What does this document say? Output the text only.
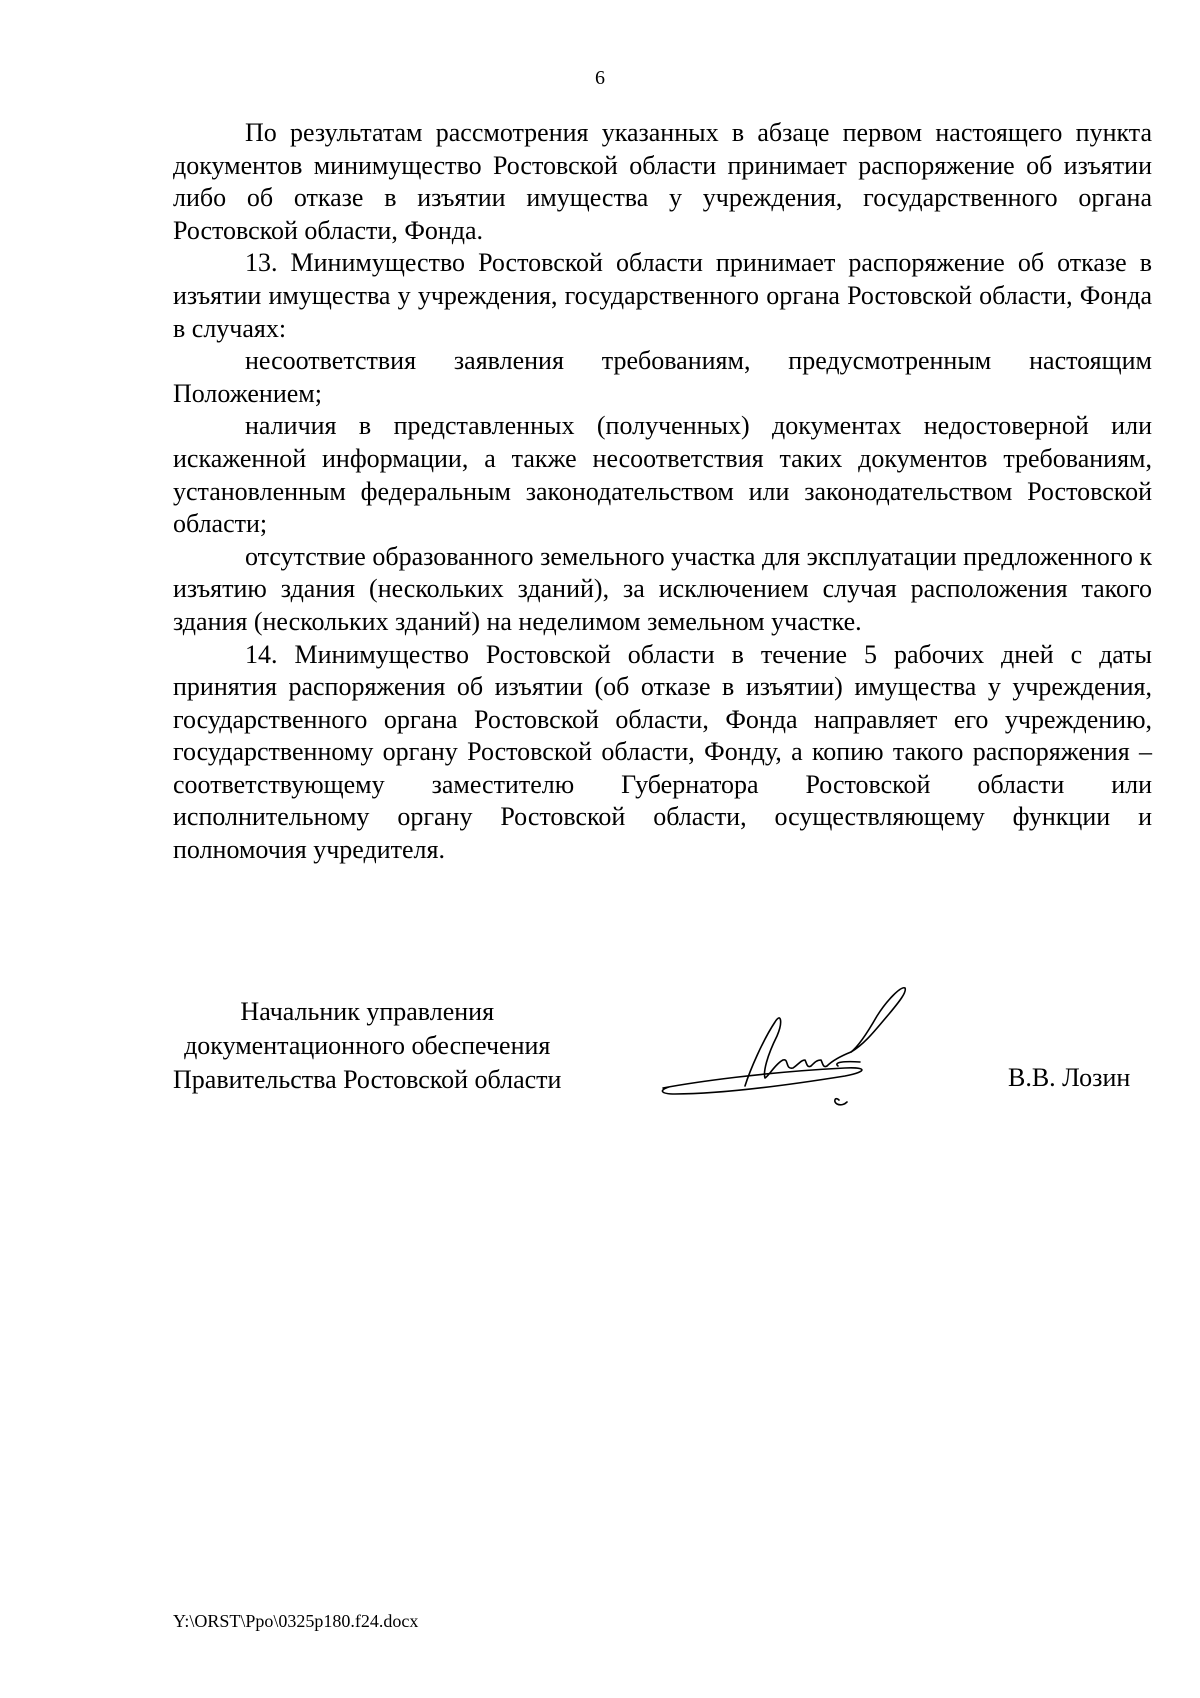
6

По результатам рассмотрения указанных в абзаце первом настоящего пункта документов минимущество Ростовской области принимает распоряжение об изъятии либо об отказе в изъятии имущества у учреждения, государственного органа Ростовской области, Фонда.

13. Минимущество Ростовской области принимает распоряжение об отказе в изъятии имущества у учреждения, государственного органа Ростовской области, Фонда в случаях:

несоответствия заявления требованиям, предусмотренным настоящим Положением;

наличия в представленных (полученных) документах недостоверной или искаженной информации, а также несоответствия таких документов требованиям, установленным федеральным законодательством или законодательством Ростовской области;

отсутствие образованного земельного участка для эксплуатации предложенного к изъятию здания (нескольких зданий), за исключением случая расположения такого здания (нескольких зданий) на неделимом земельном участке.

14. Минимущество Ростовской области в течение 5 рабочих дней с даты принятия распоряжения об изъятии (об отказе в изъятии) имущества у учреждения, государственного органа Ростовской области, Фонда направляет его учреждению, государственному органу Ростовской области, Фонду, а копию такого распоряжения – соответствующему заместителю Губернатора Ростовской области или исполнительному органу Ростовской области, осуществляющему функции и полномочия учредителя.

Начальник управления
документационного обеспечения
Правительства Ростовской области	В.В. Лозин
Y:\ORST\Ppo\0325p180.f24.docx
